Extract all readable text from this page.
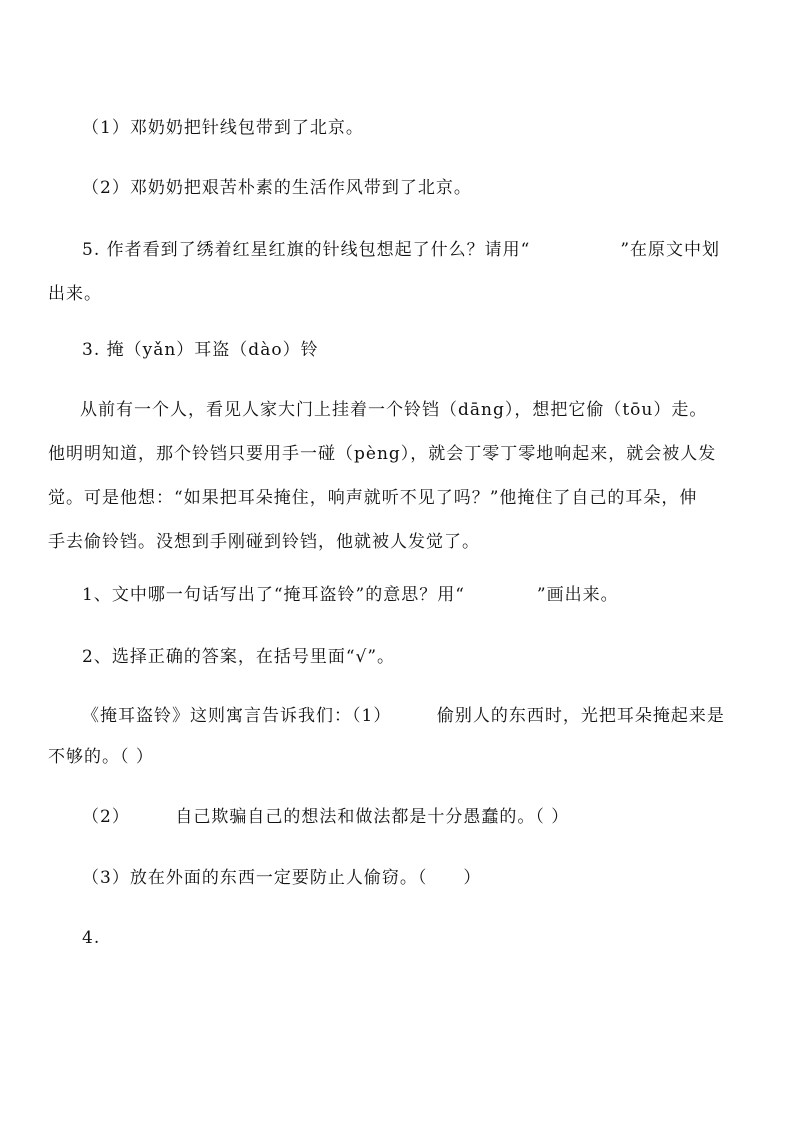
（1）邓奶奶把针线包带到了北京。
（2）邓奶奶把艰苦朴素的生活作风带到了北京。
5. 作者看到了绣着红星红旗的针线包想起了什么？请用“　　　　　”在原文中划
出来。
3. 掩（yǎn）耳盗（dào）铃
从前有一个人，看见人家大门上挂着一个铃铛（dāng），想把它偷（tōu）走。
他明明知道，那个铃铛只要用手一碰（pèng），就会丁零丁零地响起来，就会被人发
觉。可是他想：“如果把耳朵掩住，响声就听不见了吗？”他掩住了自己的耳朵，伸
手去偷铃铛。没想到手刚碰到铃铛，他就被人发觉了。
1、文中哪一句话写出了“掩耳盗铃”的意思？用“　　　　”画出来。
2、选择正确的答案，在括号里面“√”。
《掩耳盗铃》这则寓言告诉我们：（1）　　　偷别人的东西时，光把耳朵掩起来是
不够的。（ ）
（2）　　　自己欺骗自己的想法和做法都是十分愚蠢的。（ ）
（3）放在外面的东西一定要防止人偷窃。（　　）
4.
